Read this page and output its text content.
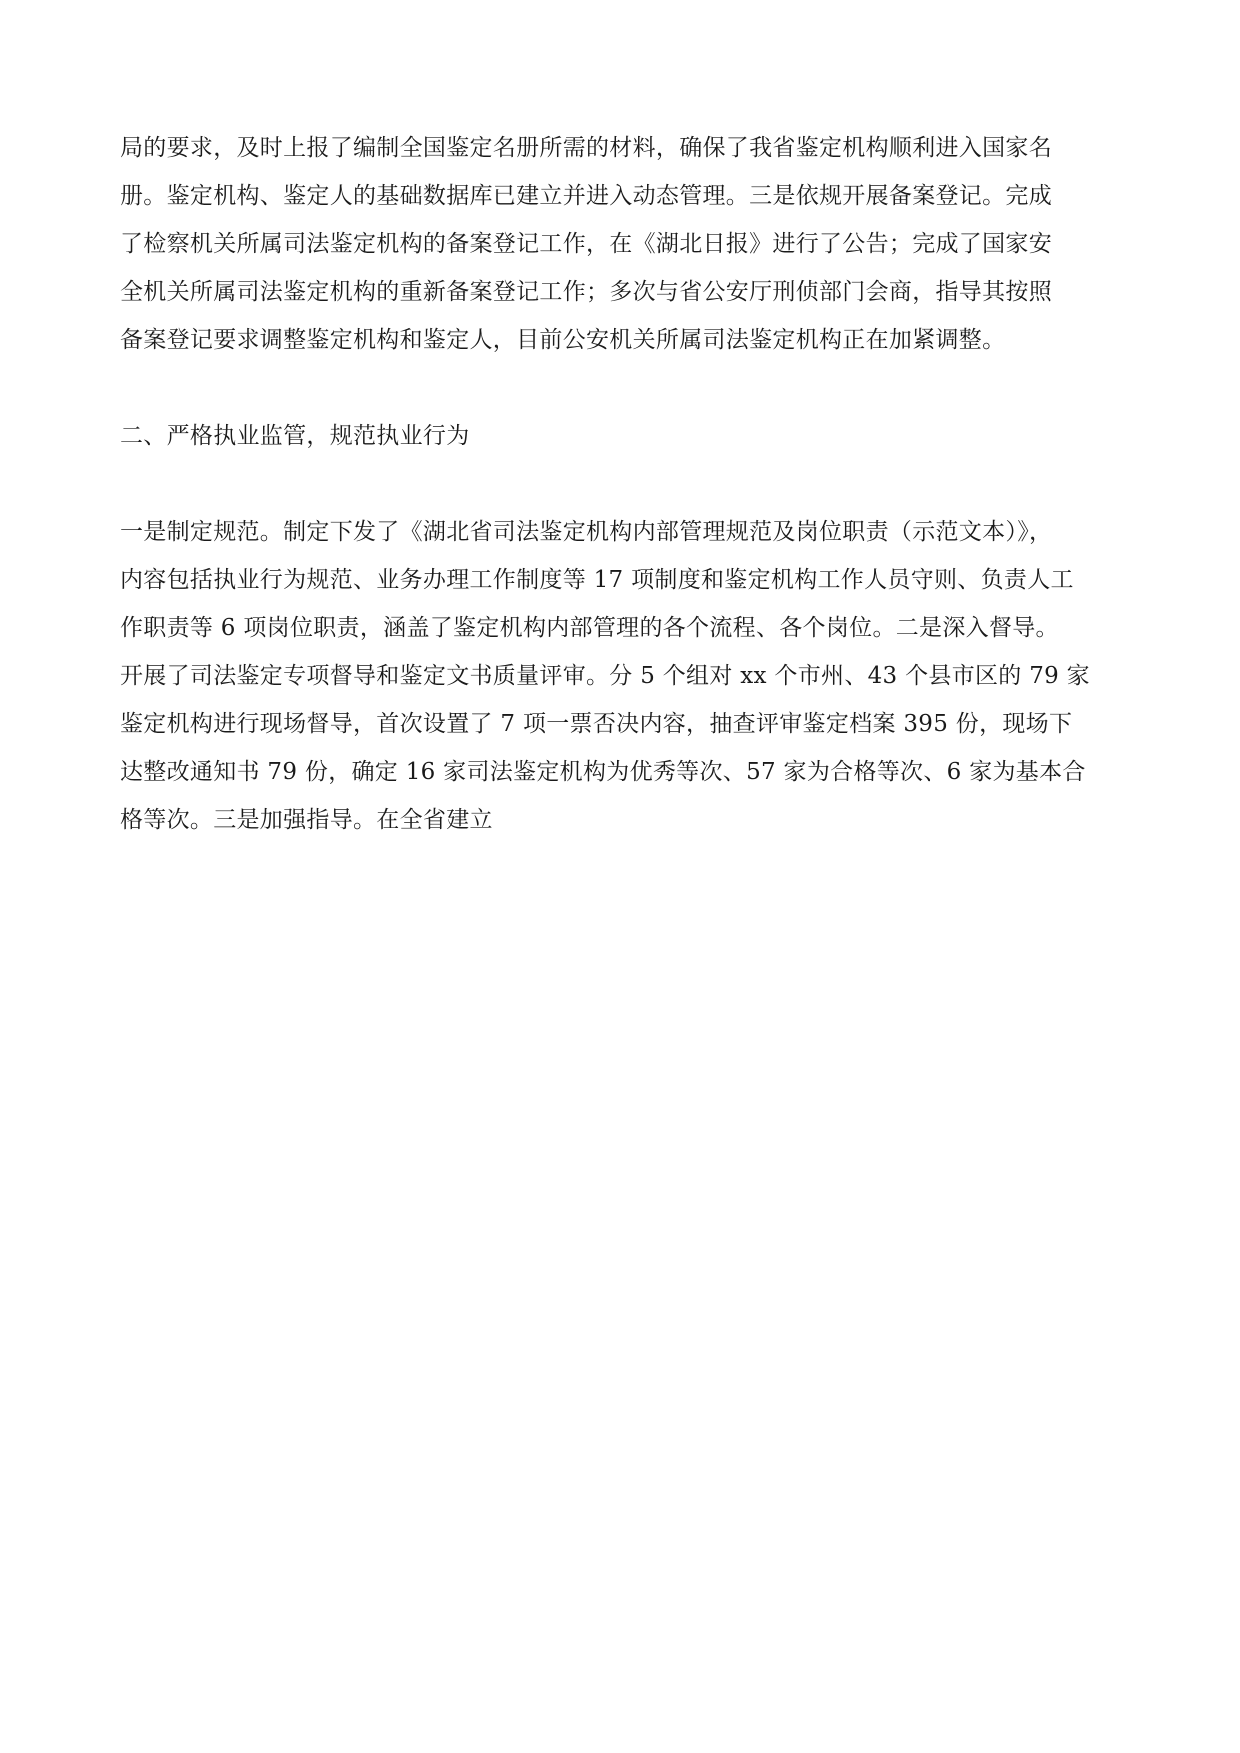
局的要求，及时上报了编制全国鉴定名册所需的材料，确保了我省鉴定机构顺利进入国家名
册。鉴定机构、鉴定人的基础数据库已建立并进入动态管理。三是依规开展备案登记。完成
了检察机关所属司法鉴定机构的备案登记工作，在《湖北日报》进行了公告；完成了国家安
全机关所属司法鉴定机构的重新备案登记工作；多次与省公安厅刑侦部门会商，指导其按照
备案登记要求调整鉴定机构和鉴定人，目前公安机关所属司法鉴定机构正在加紧调整。
二、严格执业监管，规范执业行为
一是制定规范。制定下发了《湖北省司法鉴定机构内部管理规范及岗位职责（示范文本）》，
内容包括执业行为规范、业务办理工作制度等 17 项制度和鉴定机构工作人员守则、负责人工
作职责等 6 项岗位职责，涵盖了鉴定机构内部管理的各个流程、各个岗位。二是深入督导。
开展了司法鉴定专项督导和鉴定文书质量评审。分 5 个组对 xx 个市州、43 个县市区的 79 家
鉴定机构进行现场督导，首次设置了 7 项一票否决内容，抽查评审鉴定档案 395 份，现场下
达整改通知书 79 份，确定 16 家司法鉴定机构为优秀等次、57 家为合格等次、6 家为基本合
格等次。三是加强指导。在全省建立
